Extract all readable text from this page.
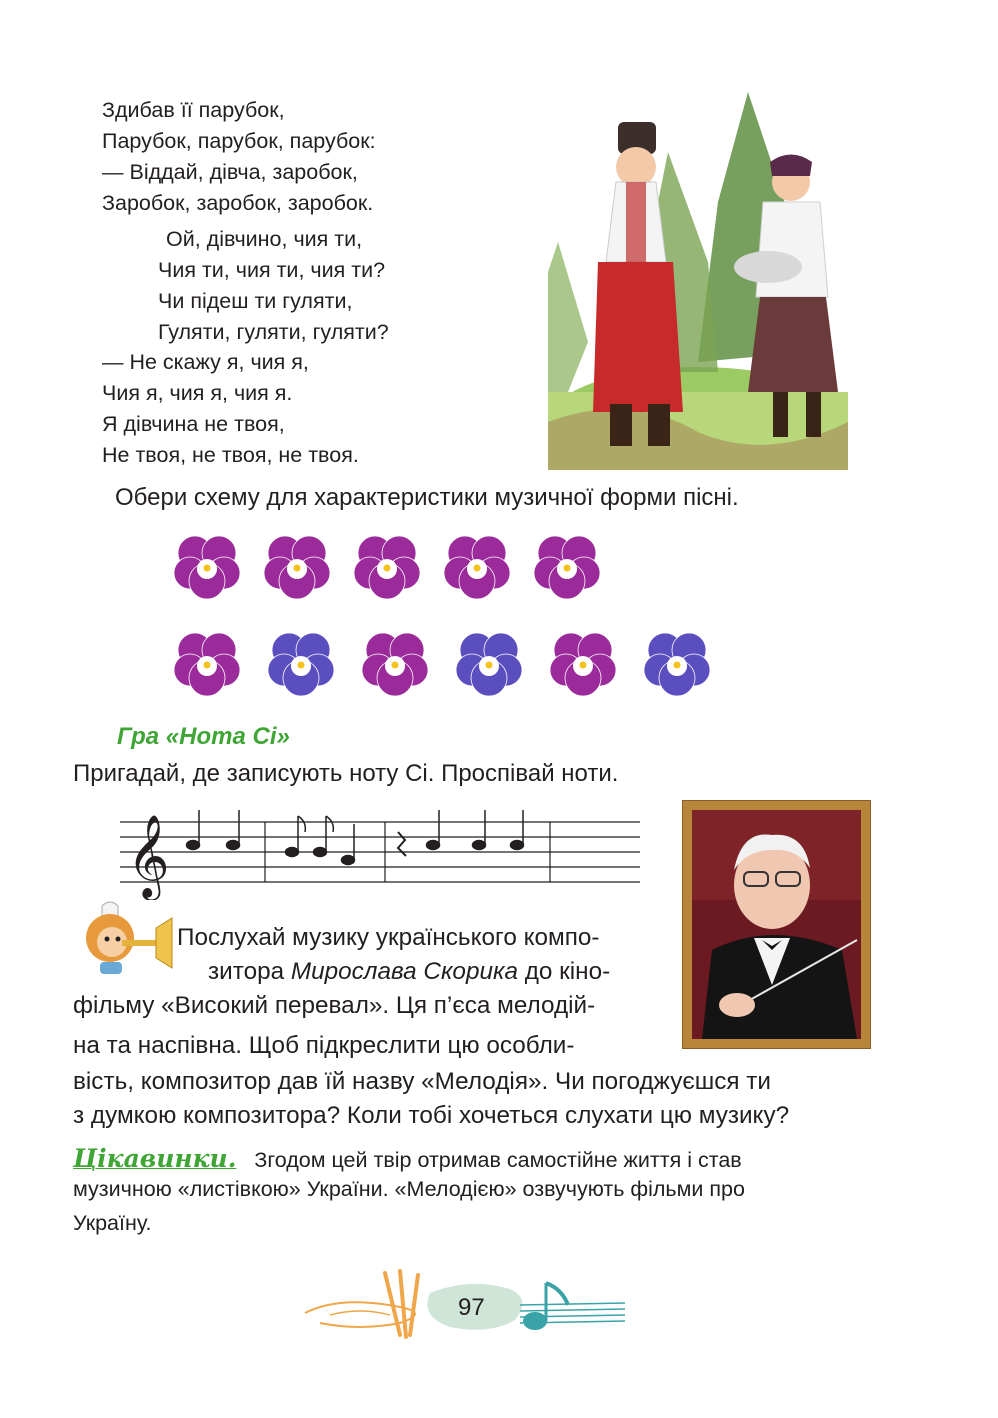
Здибав її парубок,
Парубок, парубок, парубок:
— Віддай, дівча, заробок,
Заробок, заробок, заробок.
Ой, дівчино, чия ти,
Чия ти, чия ти, чия ти?
Чи підеш ти гуляти,
Гуляти, гуляти, гуляти?
— Не скажу я, чия я,
Чия я, чия я, чия я.
Я дівчина не твоя,
Не твоя, не твоя, не твоя.
Обери схему для характеристики музичної форми пісні.
Гра «Нота Сі»
Пригадай, де записують ноту Сі. Проспівай ноти.
𝄞
Послухай музику українського компо-
зитора Мирослава Скорика до кіно-
фільму «Високий перевал». Ця п’єса мелодій-
на та наспівна. Щоб підкреслити цю особли-
вість, композитор дав їй назву «Мелодія». Чи погоджуєшся ти
з думкою композитора? Коли тобі хочеться слухати цю музику?
Цікавинки. Згодом цей твір отримав самостійне життя і став
музичною «листівкою» України. «Мелодією» озвучують фільми про
Україну.
97
